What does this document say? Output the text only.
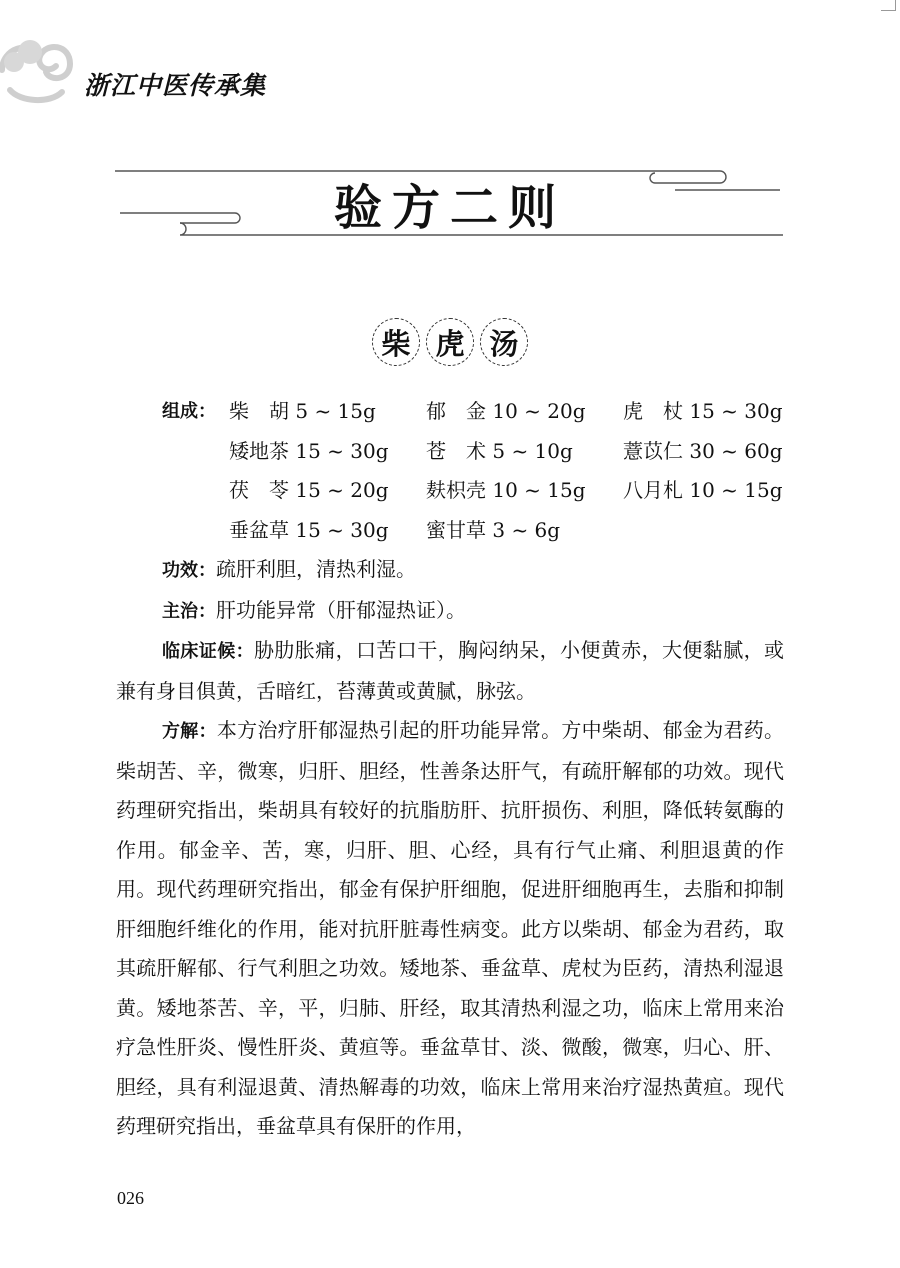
浙江中医传承集
验方二则
柴 虎 汤
组成： 柴　胡 5 ~ 15g	郁　金 10 ~ 20g	虎　杖 15 ~ 30g
矮地茶 15 ~ 30g	苍　术 5 ~ 10g	薏苡仁 30 ~ 60g
茯　苓 15 ~ 20g	麸枳壳 10 ~ 15g	八月札 10 ~ 15g
垂盆草 15 ~ 30g	蜜甘草 3 ~ 6g
功效：疏肝利胆，清热利湿。
主治：肝功能异常（肝郁湿热证）。
临床证候：胁肋胀痛，口苦口干，胸闷纳呆，小便黄赤，大便黏腻，或兼有身目俱黄，舌暗红，苔薄黄或黄腻，脉弦。
方解：本方治疗肝郁湿热引起的肝功能异常。方中柴胡、郁金为君药。柴胡苦、辛，微寒，归肝、胆经，性善条达肝气，有疏肝解郁的功效。现代药理研究指出，柴胡具有较好的抗脂肪肝、抗肝损伤、利胆，降低转氨酶的作用。郁金辛、苦，寒，归肝、胆、心经，具有行气止痛、利胆退黄的作用。现代药理研究指出，郁金有保护肝细胞，促进肝细胞再生，去脂和抑制肝细胞纤维化的作用，能对抗肝脏毒性病变。此方以柴胡、郁金为君药，取其疏肝解郁、行气利胆之功效。矮地茶、垂盆草、虎杖为臣药，清热利湿退黄。矮地茶苦、辛，平，归肺、肝经，取其清热利湿之功，临床上常用来治疗急性肝炎、慢性肝炎、黄疸等。垂盆草甘、淡、微酸，微寒，归心、肝、胆经，具有利湿退黄、清热解毒的功效，临床上常用来治疗湿热黄疸。现代药理研究指出，垂盆草具有保肝的作用，
026
